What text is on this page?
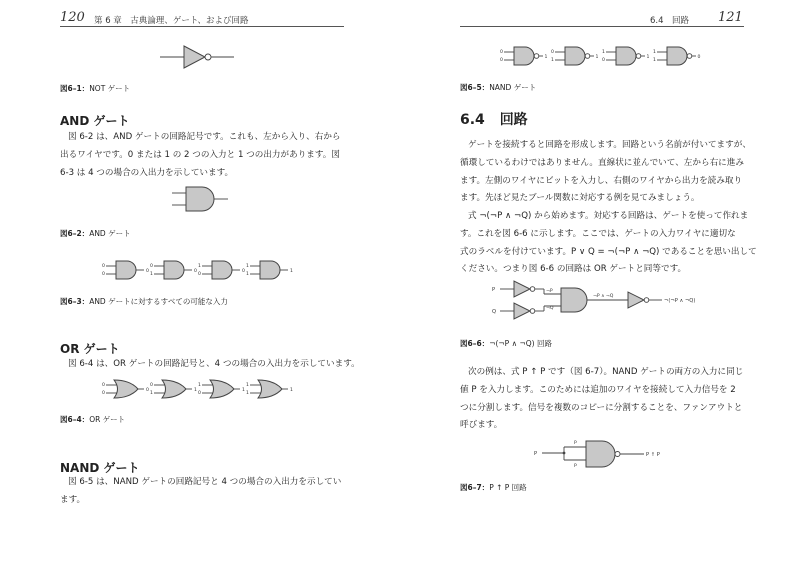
120 第 6 章　古典論理、ゲート、および回路
図6–1：NOT ゲート
AND ゲート
図 6-2 は、AND ゲートの回路記号です。これも、左から入り、右から
出るワイヤです。0 または 1 の 2 つの入力と 1 つの出力があります。図
6-3 は 4 つの場合の入出力を示しています。
図6–2：AND ゲート
0
0
0
0
1
0
1
0
0
1
1
1
図6–3：AND ゲートに対するすべての可能な入力
OR ゲート
図 6-4 は、OR ゲートの回路記号と、4 つの場合の入出力を示しています。
0
0
0
0
1
1
1
0
1
1
1
1
図6–4：OR ゲート
NAND ゲート
図 6-5 は、NAND ゲートの回路記号と 4 つの場合の入出力を示してい
ます。
6.4　回路 121
0
0
1
0
1
1
1
0
1
1
1
0
図6–5：NAND ゲート
6.4 回路
ゲートを接続すると回路を形成します。回路という名前が付いてますが、
循環しているわけではありません。直線状に並んでいて、左から右に進み
ます。左側のワイヤにビットを入力し、右側のワイヤから出力を読み取り
ます。先ほど見たブール関数に対応する例を見てみましょう。
式 ¬(¬P ∧ ¬Q) から始めます。対応する回路は、ゲートを使って作れま
す。これを図 6-6 に示します。ここでは、ゲートの入力ワイヤに適切な
式のラベルを付けています。P ∨ Q = ¬(¬P ∧ ¬Q) であることを思い出して
ください。つまり図 6-6 の回路は OR ゲートと同等です。
P
Q
¬P
¬Q
¬P ∧ ¬Q
¬(¬P ∧ ¬Q)
図6–6：¬(¬P ∧ ¬Q) 回路
次の例は、式 P ↑ P です（図 6-7）。NAND ゲートの両方の入力に同じ
値 P を入力します。このためには追加のワイヤを接続して入力信号を 2
つに分割します。信号を複数のコピーに分割することを、ファンアウトと
呼びます。
P
P
P
P ↑ P
図6–7：P ↑ P 回路
